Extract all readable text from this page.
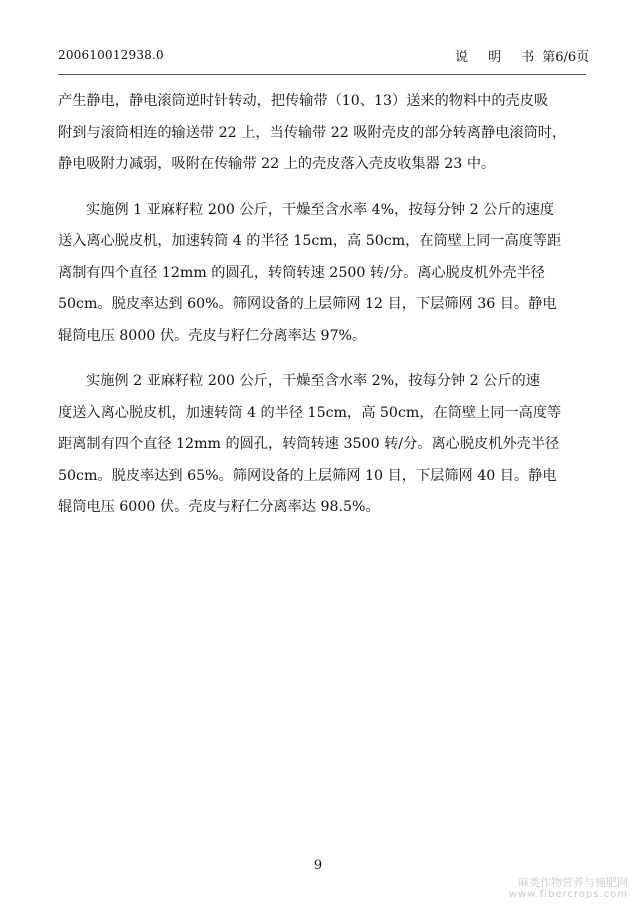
200610012938.0	说 明 书第6/6页

产生静电，静电滚筒逆时针转动，把传输带（10、13）送来的物料中的壳皮吸
附到与滚筒相连的输送带 22 上，当传输带 22 吸附壳皮的部分转离静电滚筒时，
静电吸附力减弱，吸附在传输带 22 上的壳皮落入壳皮收集器 23 中。

实施例 1 亚麻籽粒 200 公斤，干燥至含水率 4%，按每分钟 2 公斤的速度
送入离心脱皮机，加速转筒 4 的半径 15cm，高 50cm，在筒壁上同一高度等距
离制有四个直径 12mm 的圆孔，转筒转速 2500 转/分。离心脱皮机外壳半径
50cm。脱皮率达到 60%。筛网设备的上层筛网 12 目，下层筛网 36 目。静电
辊筒电压 8000 伏。壳皮与籽仁分离率达 97%。

实施例 2 亚麻籽粒 200 公斤，干燥至含水率 2%，按每分钟 2 公斤的速
度送入离心脱皮机，加速转筒 4 的半径 15cm，高 50cm，在筒壁上同一高度等
距离制有四个直径 12mm 的圆孔，转筒转速 3500 转/分。离心脱皮机外壳半径
50cm。脱皮率达到 65%。筛网设备的上层筛网 10 目，下层筛网 40 目。静电
辊筒电压 6000 伏。壳皮与籽仁分离率达 98.5%。

9
麻类作物营养与施肥网
www.fibercrops.com
